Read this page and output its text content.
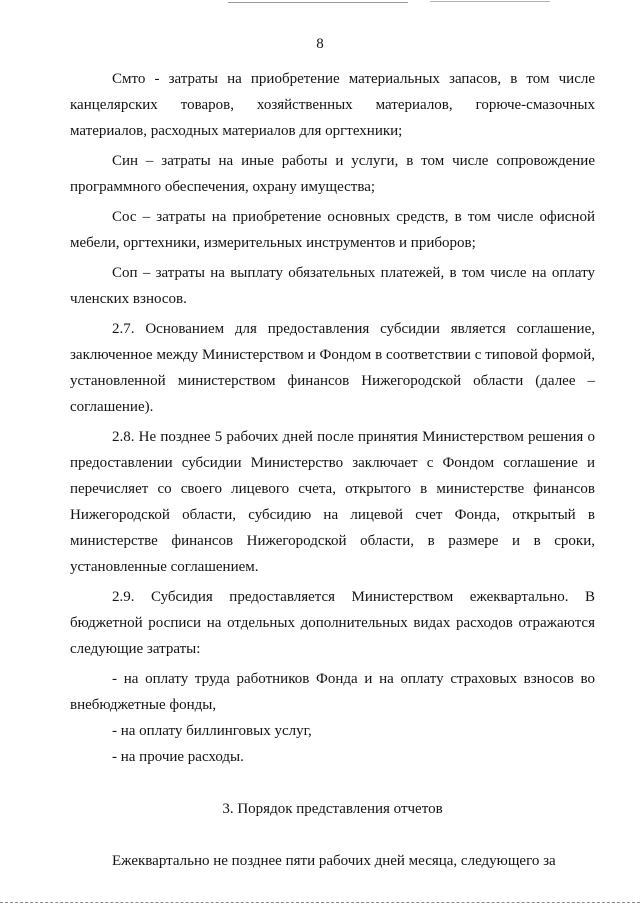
8

Смто - затраты на приобретение материальных запасов, в том числе канцелярских товаров, хозяйственных материалов, горюче-смазочных материалов, расходных материалов для оргтехники;

Син – затраты на иные работы и услуги, в том числе сопровождение программного обеспечения, охрану имущества;

Сос – затраты на приобретение основных средств, в том числе офисной мебели, оргтехники, измерительных инструментов и приборов;

Соп – затраты на выплату обязательных платежей, в том числе на оплату членских взносов.

2.7. Основанием для предоставления субсидии является соглашение, заключенное между Министерством и Фондом в соответствии с типовой формой, установленной министерством финансов Нижегородской области (далее – соглашение).

2.8. Не позднее 5 рабочих дней после принятия Министерством решения о предоставлении субсидии Министерство заключает с Фондом соглашение и перечисляет со своего лицевого счета, открытого в министерстве финансов Нижегородской области, субсидию на лицевой счет Фонда, открытый в министерстве финансов Нижегородской области, в размере и в сроки, установленные соглашением.

2.9. Субсидия предоставляется Министерством ежеквартально. В бюджетной росписи на отдельных дополнительных видах расходов отражаются следующие затраты:

- на оплату труда работников Фонда и на оплату страховых взносов во внебюджетные фонды,

- на оплату биллинговых услуг,

- на прочие расходы.

3. Порядок представления отчетов

Ежеквартально не позднее пяти рабочих дней месяца, следующего за
